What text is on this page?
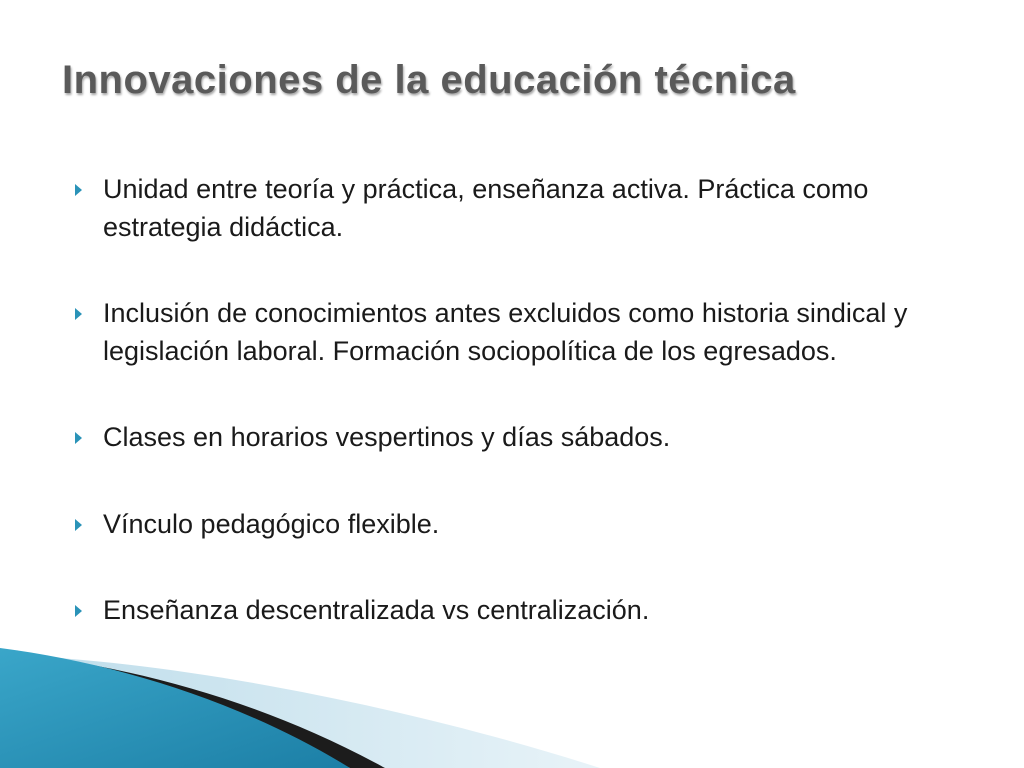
Innovaciones de la educación técnica
Unidad entre teoría y práctica, enseñanza activa. Práctica como estrategia didáctica.
Inclusión de conocimientos antes excluidos como historia sindical y legislación laboral. Formación sociopolítica de los egresados.
Clases en horarios vespertinos y días sábados.
Vínculo pedagógico flexible.
Enseñanza descentralizada vs centralización.
